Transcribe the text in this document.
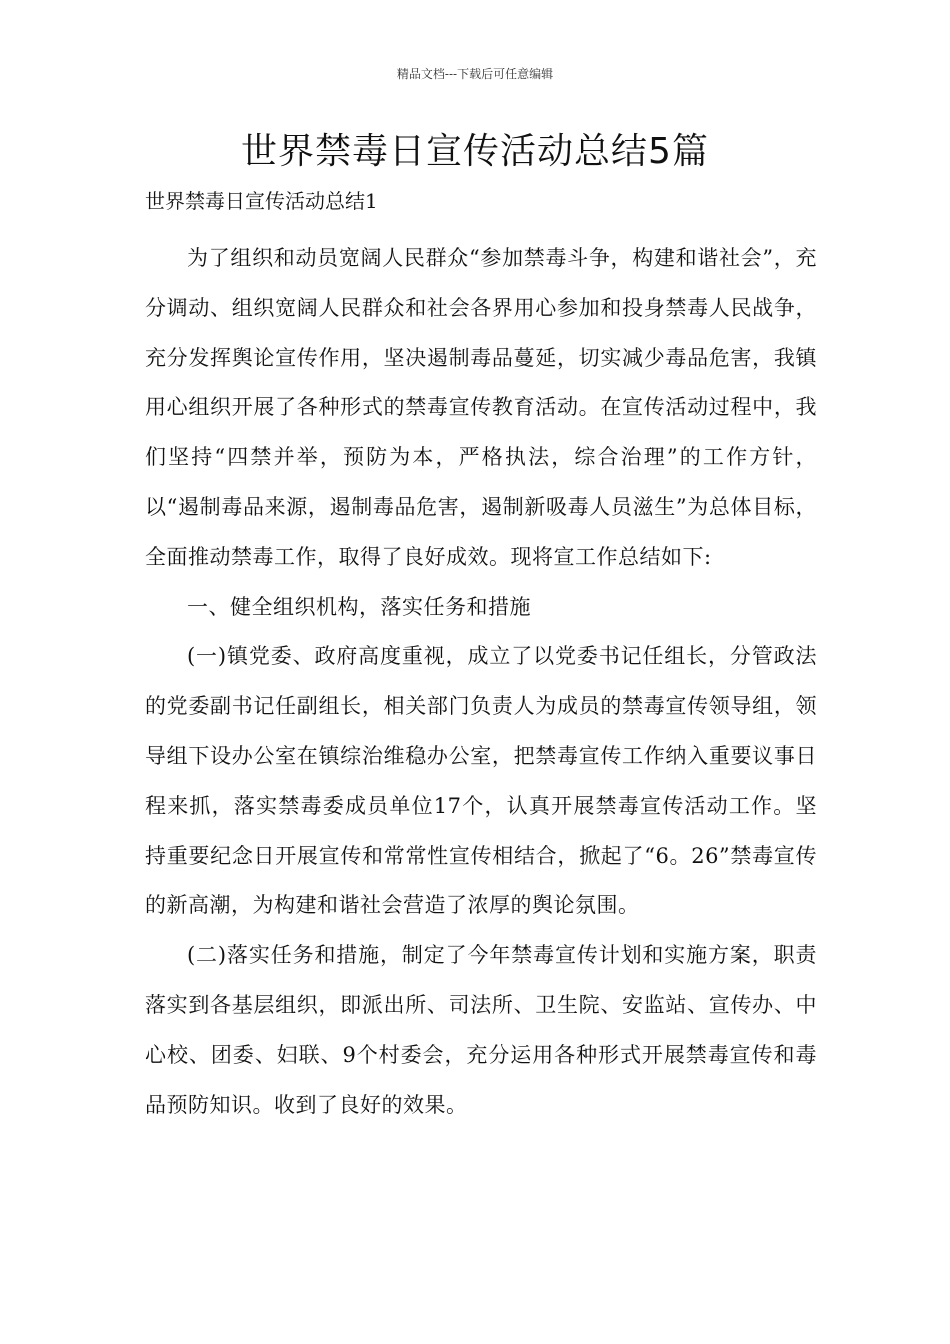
精品文档---下载后可任意编辑
世界禁毒日宣传活动总结5篇
世界禁毒日宣传活动总结1

为了组织和动员宽阔人民群众“参加禁毒斗争，构建和谐社会”，充分调动、组织宽阔人民群众和社会各界用心参加和投身禁毒人民战争，充分发挥舆论宣传作用，坚决遏制毒品蔓延，切实减少毒品危害，我镇用心组织开展了各种形式的禁毒宣传教育活动。在宣传活动过程中，我们坚持“四禁并举，预防为本，严格执法，综合治理”的工作方针，以“遏制毒品来源，遏制毒品危害，遏制新吸毒人员滋生”为总体目标，全面推动禁毒工作，取得了良好成效。现将宣工作总结如下:

一、健全组织机构，落实任务和措施

(一)镇党委、政府高度重视，成立了以党委书记任组长，分管政法的党委副书记任副组长，相关部门负责人为成员的禁毒宣传领导组，领导组下设办公室在镇综治维稳办公室，把禁毒宣传工作纳入重要议事日程来抓，落实禁毒委成员单位17个，认真开展禁毒宣传活动工作。坚持重要纪念日开展宣传和常常性宣传相结合，掀起了“6。26”禁毒宣传的新高潮，为构建和谐社会营造了浓厚的舆论氛围。

(二)落实任务和措施，制定了今年禁毒宣传计划和实施方案，职责落实到各基层组织，即派出所、司法所、卫生院、安监站、宣传办、中心校、团委、妇联、9个村委会，充分运用各种形式开展禁毒宣传和毒品预防知识。收到了良好的效果。
